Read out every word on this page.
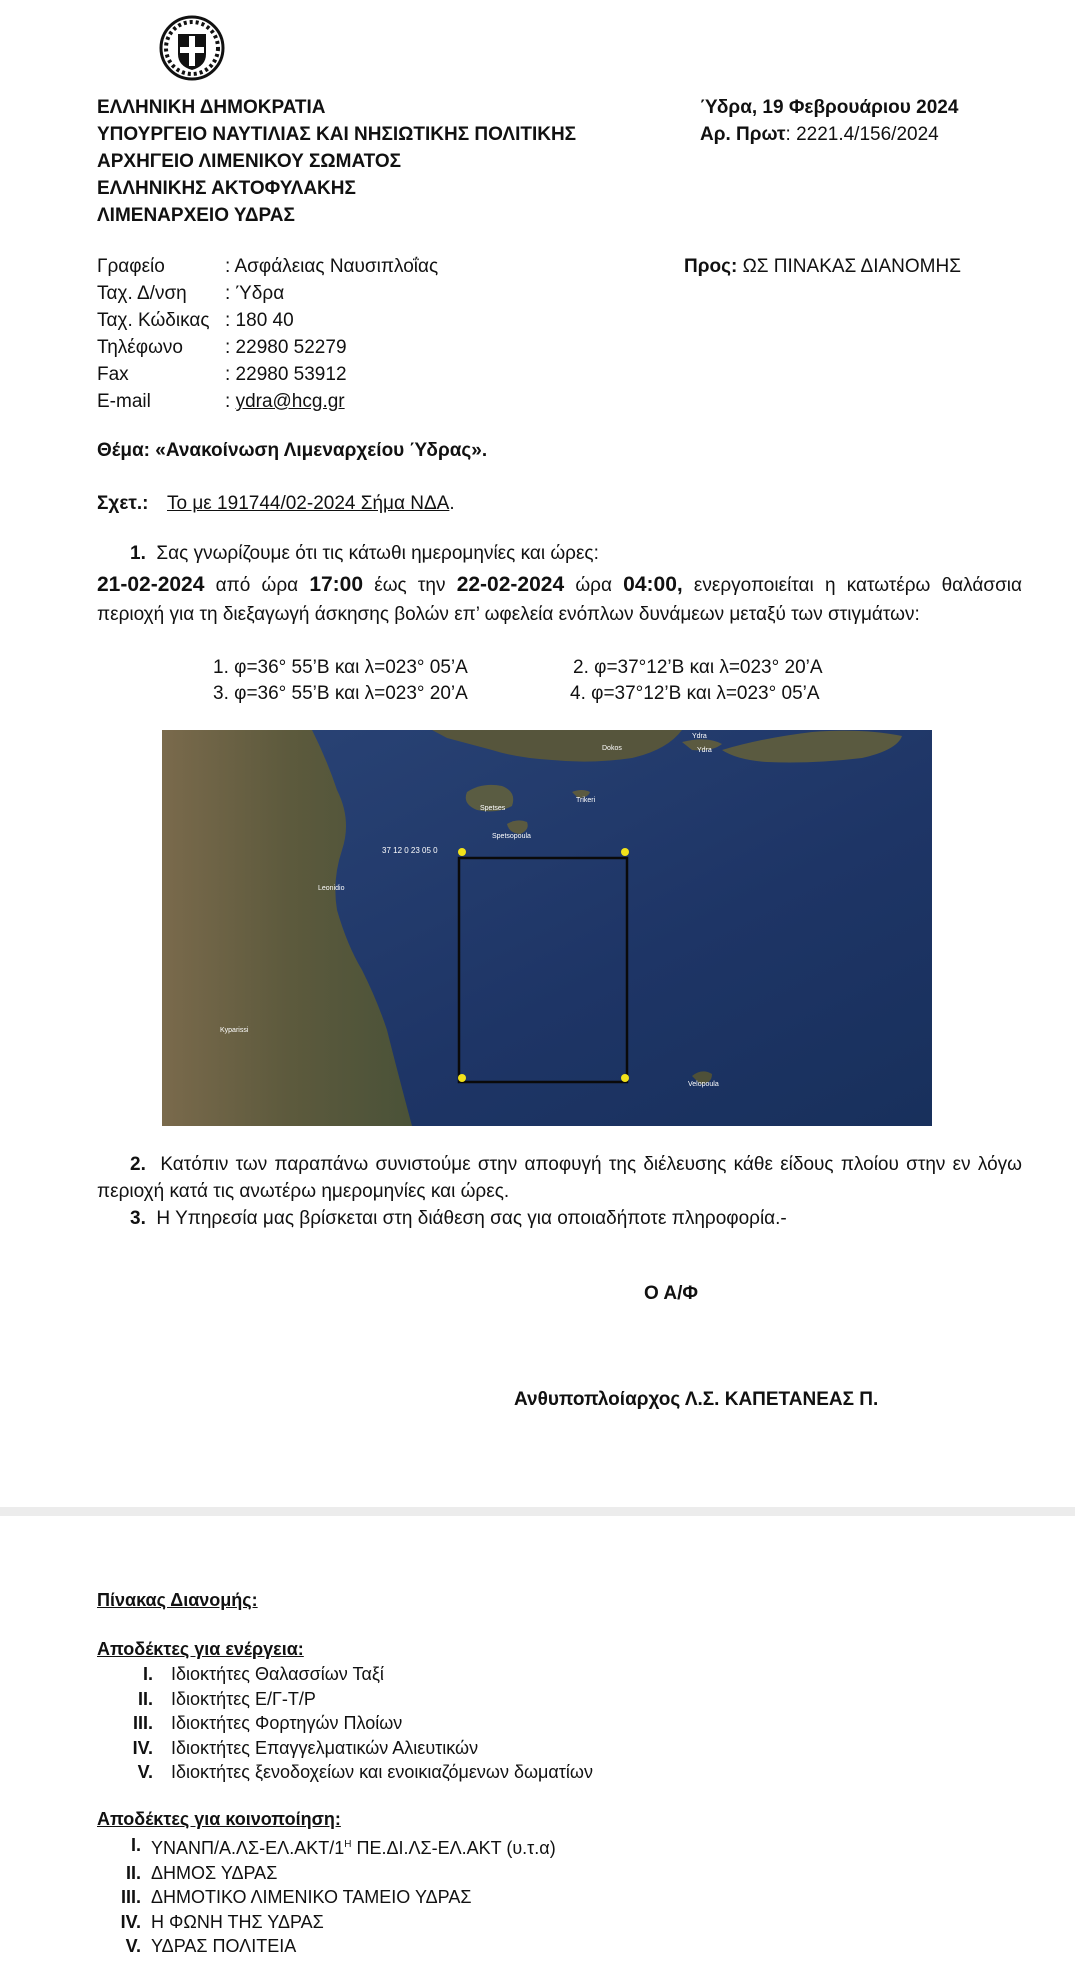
ΕΛΛΗΝΙΚΗ ΔΗΜΟΚΡΑΤΙΑ
ΥΠΟΥΡΓΕΙΟ ΝΑΥΤΙΛΙΑΣ ΚΑΙ ΝΗΣΙΩΤΙΚΗΣ ΠΟΛΙΤΙΚΗΣ
ΑΡΧΗΓΕΙΟ ΛΙΜΕΝΙΚΟΥ ΣΩΜΑΤΟΣ
ΕΛΛΗΝΙΚΗΣ ΑΚΤΟΦΥΛΑΚΗΣ
ΛΙΜΕΝΑΡΧΕΙΟ ΥΔΡΑΣ
Ύδρα, 19 Φεβρουάριου 2024
Αρ. Πρωτ: 2221.4/156/2024
Γραφείο	: Ασφάλειας Ναυσιπλοΐας
Ταχ. Δ/νση	: Ύδρα
Ταχ. Κώδικας : 180 40
Τηλέφωνο	: 22980 52279
Fax	: 22980 53912
E-mail	: ydra@hcg.gr
Προς: ΩΣ ΠΙΝΑΚΑΣ ΔΙΑΝΟΜΗΣ
Θέμα: «Ανακοίνωση Λιμεναρχείου Ύδρας».
Σχετ.: Το με 191744/02-2024 Σήμα ΝΔΑ.
1. Σας γνωρίζουμε ότι τις κάτωθι ημερομηνίες και ώρες:
21-02-2024 από ώρα 17:00 έως την 22-02-2024 ώρα 04:00, ενεργοποιείται η κατωτέρω θαλάσσια περιοχή για τη διεξαγωγή άσκησης βολών επ’ ωφελεία ενόπλων δυνάμεων μεταξύ των στιγμάτων:
1. φ=36° 55’Β και λ=023° 05’Α	2. φ=37°12’Β και λ=023° 20’Α
3. φ=36° 55’Β και λ=023° 20’Α	4. φ=37°12’Β και λ=023° 05’Α
37 12 0 23 05 0
Spetses
Spetsopoula
Trikeri
Dokos
Ydra
Ydra
Velopoula
Leonidio
Kyparissi
2. Κατόπιν των παραπάνω συνιστούμε στην αποφυγή της διέλευσης κάθε είδους πλοίου στην εν λόγω περιοχή κατά τις ανωτέρω ημερομηνίες και ώρες.
3. Η Υπηρεσία μας βρίσκεται στη διάθεση σας για οποιαδήποτε πληροφορία.-
Ο Α/Φ
Ανθυποπλοίαρχος Λ.Σ. ΚΑΠΕΤΑΝΕΑΣ Π.
Πίνακας Διανομής:
Αποδέκτες για ενέργεια:
I.	Ιδιοκτήτες Θαλασσίων Ταξί
II.	Ιδιοκτήτες Ε/Γ-Τ/Ρ
III.	Ιδιοκτήτες Φορτηγών Πλοίων
IV.	Ιδιοκτήτες Επαγγελματικών Αλιευτικών
V.	Ιδιοκτήτες ξενοδοχείων και ενοικιαζόμενων δωματίων
Αποδέκτες για κοινοποίηση:
I. ΥΝΑΝΠ/$A.\Lambda\Sigma-E\Lambda.AKT/1^H$ ΠΕ.ΔΙ.ΛΣ-ΕΛ.ΑΚΤ (υ.τ.α)
II. ΔΗΜΟΣ ΥΔΡΑΣ
III. ΔΗΜΟΤΙΚΟ ΛΙΜΕΝΙΚΟ ΤΑΜΕΙΟ ΥΔΡΑΣ
IV. Η ΦΩΝΗ ΤΗΣ ΥΔΡΑΣ
V. ΥΔΡΑΣ ΠΟΛΙΤΕΙΑ
